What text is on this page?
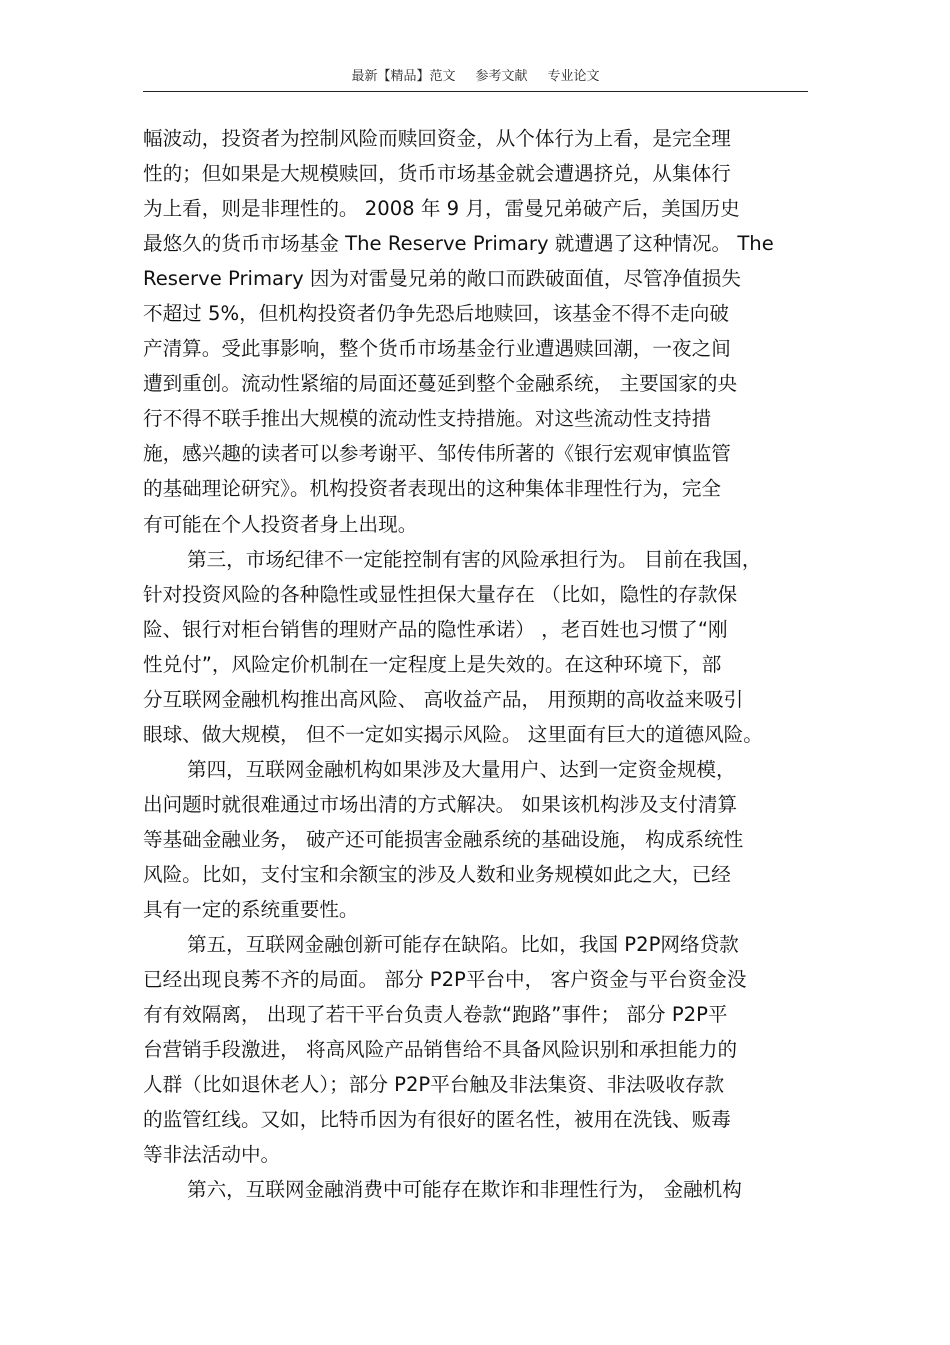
最新【精品】范文 参考文献 专业论文
幅波动，投资者为控制风险而赎回资金，从个体行为上看，是完全理
性的；但如果是大规模赎回，货币市场基金就会遭遇挤兑，从集体行
为上看，则是非理性的。 2008 年 9 月，雷曼兄弟破产后，美国历史
最悠久的货币市场基金 The Reserve Primary 就遭遇了这种情况。 The
Reserve Primary 因为对雷曼兄弟的敞口而跌破面值，尽管净值损失
不超过 5%，但机构投资者仍争先恐后地赎回，该基金不得不走向破
产清算。受此事影响，整个货币市场基金行业遭遇赎回潮，一夜之间
遭到重创。流动性紧缩的局面还蔓延到整个金融系统， 主要国家的央
行不得不联手推出大规模的流动性支持措施。对这些流动性支持措
施，感兴趣的读者可以参考谢平、邹传伟所著的《银行宏观审慎监管
的基础理论研究》。机构投资者表现出的这种集体非理性行为，完全
有可能在个人投资者身上出现。
第三，市场纪律不一定能控制有害的风险承担行为。 目前在我国，
针对投资风险的各种隐性或显性担保大量存在 （比如，隐性的存款保
险、银行对柜台销售的理财产品的隐性承诺） ，老百姓也习惯了“刚
性兑付”，风险定价机制在一定程度上是失效的。在这种环境下，部
分互联网金融机构推出高风险、 高收益产品， 用预期的高收益来吸引
眼球、做大规模， 但不一定如实揭示风险。 这里面有巨大的道德风险。
第四，互联网金融机构如果涉及大量用户、达到一定资金规模，
出问题时就很难通过市场出清的方式解决。 如果该机构涉及支付清算
等基础金融业务， 破产还可能损害金融系统的基础设施， 构成系统性
风险。比如，支付宝和余额宝的涉及人数和业务规模如此之大，已经
具有一定的系统重要性。
第五，互联网金融创新可能存在缺陷。比如，我国 P2P网络贷款
已经出现良莠不齐的局面。 部分 P2P平台中， 客户资金与平台资金没
有有效隔离， 出现了若干平台负责人卷款“跑路”事件； 部分 P2P平
台营销手段激进， 将高风险产品销售给不具备风险识别和承担能力的
人群（比如退休老人）；部分 P2P平台触及非法集资、非法吸收存款
的监管红线。又如，比特币因为有很好的匿名性，被用在洗钱、贩毒
等非法活动中。
第六，互联网金融消费中可能存在欺诈和非理性行为， 金融机构
